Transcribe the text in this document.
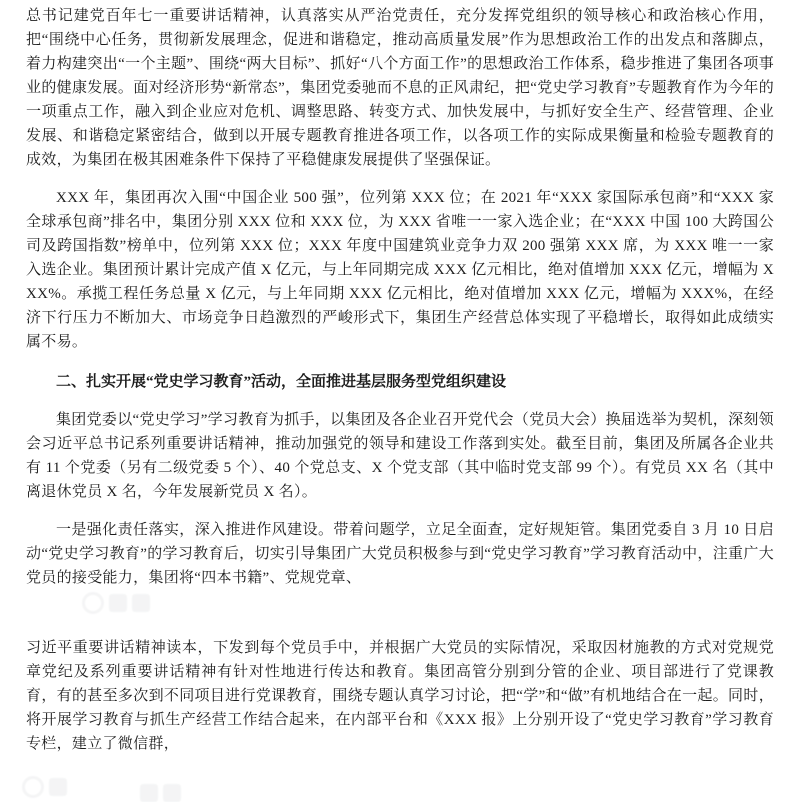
总书记建党百年七一重要讲话精神，认真落实从严治党责任，充分发挥党组织的领导核心和政治核心作用，把“围绕中心任务，贯彻新发展理念，促进和谐稳定，推动高质量发展”作为思想政治工作的出发点和落脚点，着力构建突出“一个主题”、围绕“两大目标”、抓好“八个方面工作”的思想政治工作体系，稳步推进了集团各项事业的健康发展。面对经济形势“新常态”，集团党委驰而不息的正风肃纪，把“党史学习教育”专题教育作为今年的一项重点工作，融入到企业应对危机、调整思路、转变方式、加快发展中，与抓好安全生产、经营管理、企业发展、和谐稳定紧密结合，做到以开展专题教育推进各项工作，以各项工作的实际成果衡量和检验专题教育的成效，为集团在极其困难条件下保持了平稳健康发展提供了坚强保证。

XXX 年，集团再次入围“中国企业 500 强”，位列第 XXX 位；在 2021 年“XXX 家国际承包商”和“XXX 家全球承包商”排名中，集团分别 XXX 位和 XXX 位，为 XXX 省唯一一家入选企业；在“XXX 中国 100 大跨国公司及跨国指数”榜单中，位列第 XXX 位；XXX 年度中国建筑业竞争力双 200 强第 XXX 席，为 XXX 唯一一家入选企业。集团预计累计完成产值 X 亿元，与上年同期完成 XXX 亿元相比，绝对值增加 XXX 亿元，增幅为 XXX%。承揽工程任务总量 X 亿元，与上年同期 XXX 亿元相比，绝对值增加 XXX 亿元，增幅为 XXX%，在经济下行压力不断加大、市场竞争日趋激烈的严峻形式下，集团生产经营总体实现了平稳增长，取得如此成绩实属不易。

二、扎实开展“党史学习教育”活动，全面推进基层服务型党组织建设

集团党委以“党史学习”学习教育为抓手，以集团及各企业召开党代会（党员大会）换届选举为契机，深刻领会习近平总书记系列重要讲话精神，推动加强党的领导和建设工作落到实处。截至目前，集团及所属各企业共有 11 个党委（另有二级党委 5 个）、40 个党总支、X 个党支部（其中临时党支部 99 个）。有党员 XX 名（其中离退休党员 X 名，今年发展新党员 X 名）。

一是强化责任落实，深入推进作风建设。带着问题学，立足全面查，定好规矩管。集团党委自 3 月 10 日启动“党史学习教育”的学习教育后，切实引导集团广大党员积极参与到“党史学习教育”学习教育活动中，注重广大党员的接受能力，集团将“四本书籍”、党规党章、

习近平重要讲话精神读本，下发到每个党员手中，并根据广大党员的实际情况，采取因材施教的方式对党规党章党纪及系列重要讲话精神有针对性地进行传达和教育。集团高管分别到分管的企业、项目部进行了党课教育，有的甚至多次到不同项目进行党课教育，围绕专题认真学习讨论，把“学”和“做”有机地结合在一起。同时，将开展学习教育与抓生产经营工作结合起来，在内部平台和《XXX 报》上分别开设了“党史学习教育”学习教育专栏，建立了微信群，
